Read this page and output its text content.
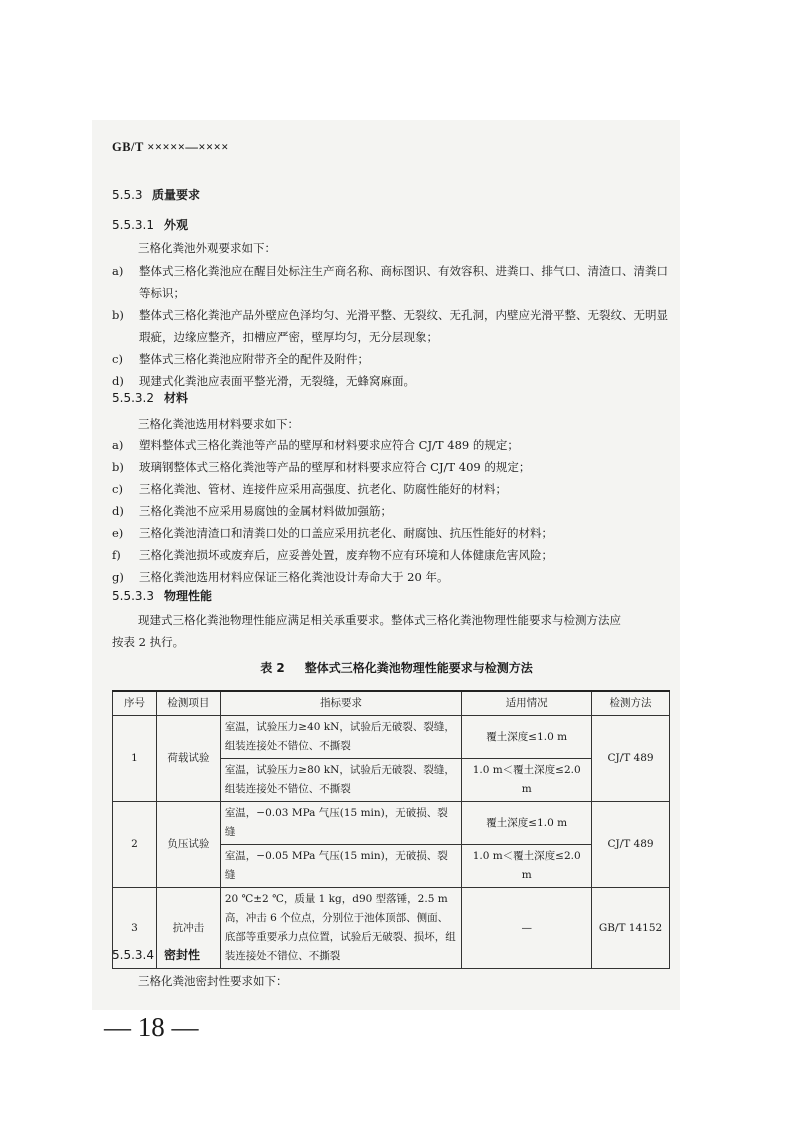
GB/T ×××××—××××
5.5.3 质量要求
5.5.3.1 外观
三格化粪池外观要求如下：
a) 整体式三格化粪池应在醒目处标注生产商名称、商标图识、有效容积、进粪口、排气口、清渣口、清粪口等标识；
b) 整体式三格化粪池产品外壁应色泽均匀、光滑平整、无裂纹、无孔洞，内壁应光滑平整、无裂纹、无明显瑕疵，边缘应整齐，扣槽应严密，壁厚均匀，无分层现象；
c) 整体式三格化粪池应附带齐全的配件及附件；
d) 现建式化粪池应表面平整光滑，无裂缝，无蜂窝麻面。
5.5.3.2 材料
三格化粪池选用材料要求如下：
a) 塑料整体式三格化粪池等产品的壁厚和材料要求应符合 CJ/T 489 的规定；
b) 玻璃钢整体式三格化粪池等产品的壁厚和材料要求应符合 CJ/T 409 的规定；
c) 三格化粪池、管材、连接件应采用高强度、抗老化、防腐性能好的材料；
d) 三格化粪池不应采用易腐蚀的金属材料做加强筋；
e) 三格化粪池清渣口和清粪口处的口盖应采用抗老化、耐腐蚀、抗压性能好的材料；
f) 三格化粪池损坏或废弃后，应妥善处置，废弃物不应有环境和人体健康危害风险；
g) 三格化粪池选用材料应保证三格化粪池设计寿命大于 20 年。
5.5.3.3 物理性能
现建式三格化粪池物理性能应满足相关承重要求。整体式三格化粪池物理性能要求与检测方法应
按表 2 执行。
表 2 整体式三格化粪池物理性能要求与检测方法
序号	检测项目	指标要求	适用情况	检测方法
1	荷载试验	室温，试验压力≥40 kN，试验后无破裂、裂缝，组装连接处不错位、不撕裂	覆土深度≤1.0 m	CJ/T 489
		室温，试验压力≥80 kN，试验后无破裂、裂缝，组装连接处不错位、不撕裂	1.0 m＜覆土深度≤2.0 m	
2	负压试验	室温，−0.03 MPa 气压(15 min)，无破损、裂缝	覆土深度≤1.0 m	CJ/T 489
		室温，−0.05 MPa 气压(15 min)，无破损、裂缝	1.0 m＜覆土深度≤2.0 m	
3	抗冲击	20 ℃±2 ℃，质量 1 kg，d90 型落锤，2.5 m 高，冲击 6 个位点，分别位于池体顶部、侧面、底部等重要承力点位置，试验后无破裂、损坏，组装连接处不错位、不撕裂	—	GB/T 14152
5.5.3.4 密封性
三格化粪池密封性要求如下：
— 18 —
